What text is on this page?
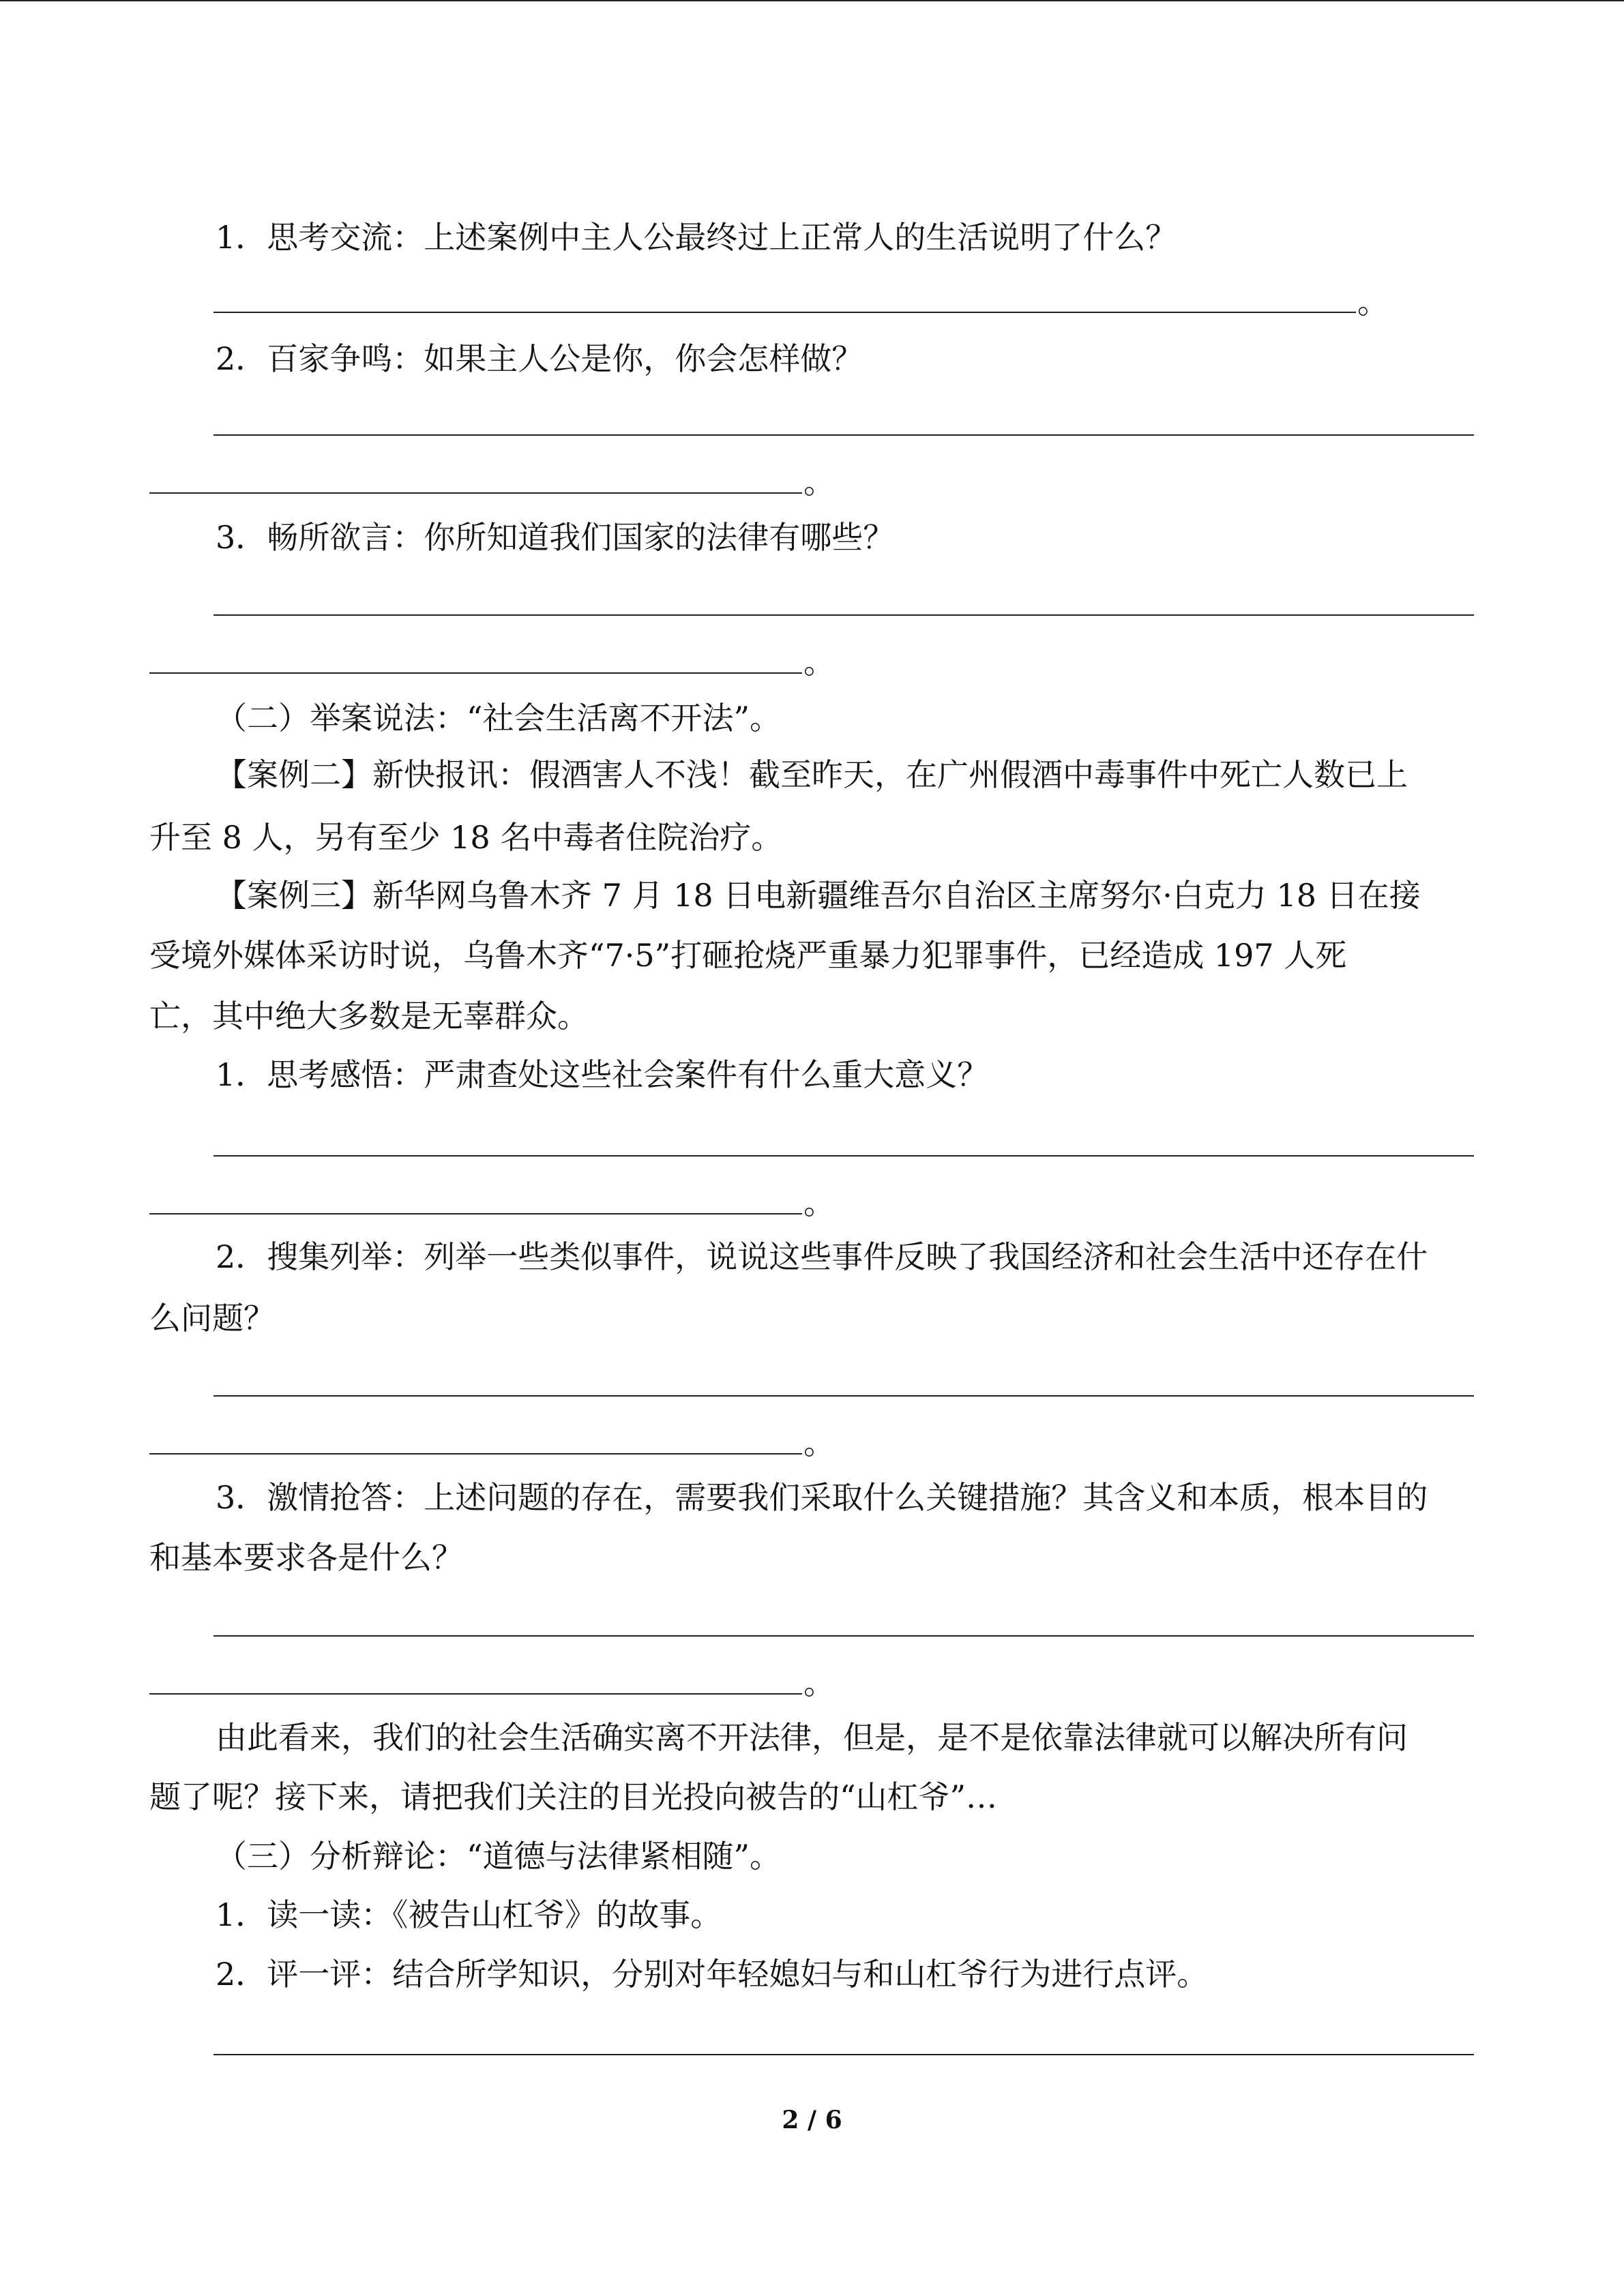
1．思考交流：上述案例中主人公最终过上正常人的生活说明了什么？
。
2．百家争鸣：如果主人公是你，你会怎样做？
。
3．畅所欲言：你所知道我们国家的法律有哪些？
。
（二）举案说法：“社会生活离不开法”。
【案例二】新快报讯：假酒害人不浅！截至昨天，在广州假酒中毒事件中死亡人数已上
升至 8 人，另有至少 18 名中毒者住院治疗。
【案例三】新华网乌鲁木齐 7 月 18 日电新疆维吾尔自治区主席努尔·白克力 18 日在接
受境外媒体采访时说，乌鲁木齐“7·5”打砸抢烧严重暴力犯罪事件，已经造成 197 人死
亡，其中绝大多数是无辜群众。
1．思考感悟：严肃查处这些社会案件有什么重大意义？
。
2．搜集列举：列举一些类似事件，说说这些事件反映了我国经济和社会生活中还存在什
么问题？
。
3．激情抢答：上述问题的存在，需要我们采取什么关键措施？其含义和本质，根本目的
和基本要求各是什么？
。
由此看来，我们的社会生活确实离不开法律，但是，是不是依靠法律就可以解决所有问
题了呢？接下来，请把我们关注的目光投向被告的“山杠爷”…
（三）分析辩论：“道德与法律紧相随”。
1．读一读：《被告山杠爷》的故事。
2．评一评：结合所学知识，分别对年轻媳妇与和山杠爷行为进行点评。
2 / 6
